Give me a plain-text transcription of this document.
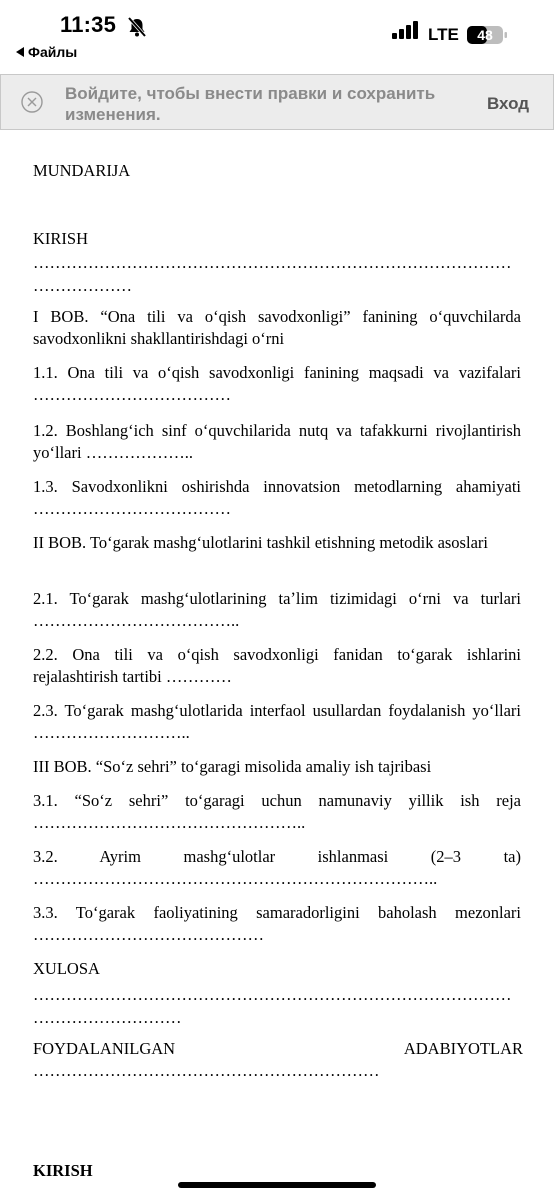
11:35
Файлы
LTE 48
Войдите, чтобы внести правки и сохранить изменения.
Вход
MUNDARIJA
KIRISH
……………………………………………………………………………
………………
I BOB. “Ona tili va oʻqish savodxonligi” fanining oʻquvchilarda savodxonlikni shakllantirishdagi oʻrni
1.1. Ona tili va oʻqish savodxonligi fanining maqsadi va vazifalari ………………………………
1.2. Boshlangʻich sinf oʻquvchilarida nutq va tafakkurni rivojlantirish yoʻllari ………………..
1.3. Savodxonlikni oshirishda innovatsion metodlarning ahamiyati ………………………………
II BOB. Toʻgarak mashgʻulotlarini tashkil etishning metodik asoslari
2.1. Toʻgarak mashgʻulotlarining taʼlim tizimidagi oʻrni va turlari ………………………………..
2.2. Ona tili va oʻqish savodxonligi fanidan toʻgarak ishlarini rejalashtirish tartibi …………
2.3. Toʻgarak mashgʻulotlarida interfaol usullardan foydalanish yoʻllari ………………………..
III BOB. “Soʻz sehri” toʻgaragi misolida amaliy ish tajribasi
3.1. “Soʻz sehri” toʻgaragi uchun namunaviy yillik ish reja …………………………………………..
3.2. Ayrim mashgʻulotlar ishlanmasi (2–3 ta) ………………………………………………………………..
3.3. Toʻgarak faoliyatining samaradorligini baholash mezonlari ……………………………………
XULOSA
……………………………………………………………………………
………………………
FOYDALANILGAN ADABIYOTLAR ………………………………………………………
KIRISH
